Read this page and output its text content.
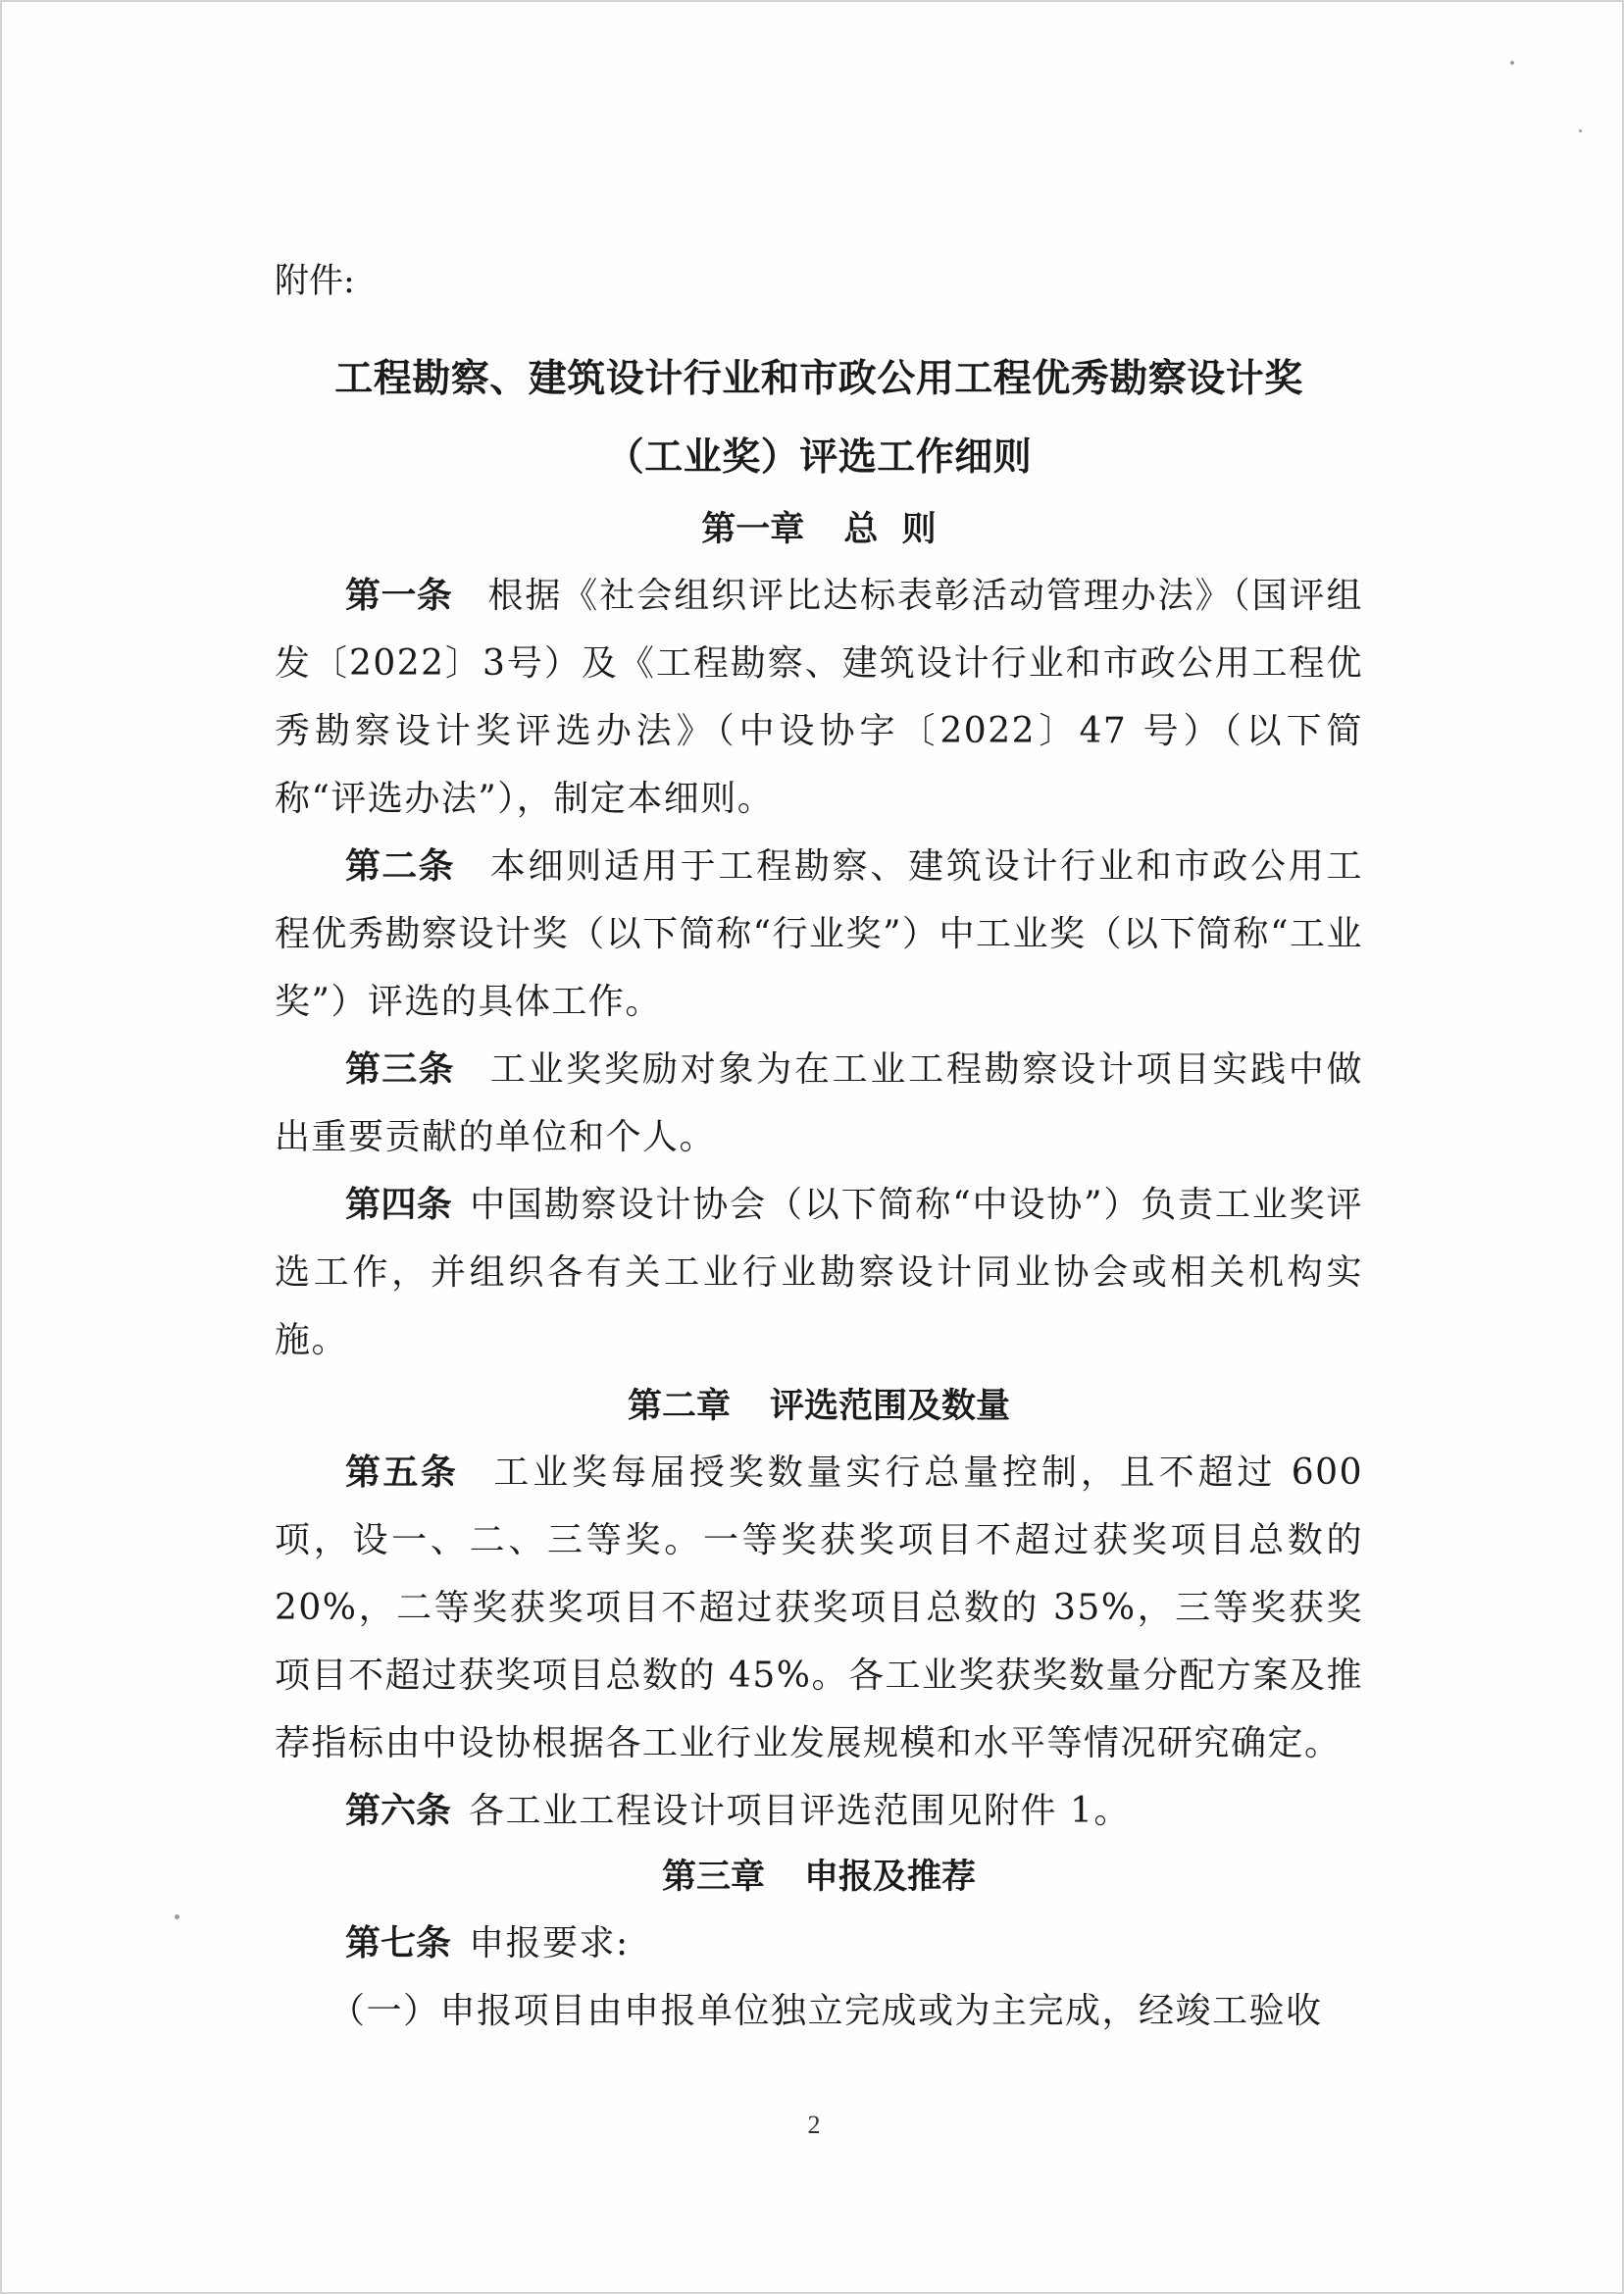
附件:

工程勘察、建筑设计行业和市政公用工程优秀勘察设计奖
（工业奖）评选工作细则
第一章 总  则

第一条 根据《社会组织评比达标表彰活动管理办法》（国评组发〔2022〕3号）及《工程勘察、建筑设计行业和市政公用工程优秀勘察设计奖评选办法》（中设协字〔2022〕47 号）（以下简称“评选办法”），制定本细则。

第二条 本细则适用于工程勘察、建筑设计行业和市政公用工程优秀勘察设计奖（以下简称“行业奖”）中工业奖（以下简称“工业奖”）评选的具体工作。

第三条 工业奖奖励对象为在工业工程勘察设计项目实践中做出重要贡献的单位和个人。

第四条 中国勘察设计协会（以下简称“中设协”）负责工业奖评选工作，并组织各有关工业行业勘察设计同业协会或相关机构实施。

第二章 评选范围及数量

第五条 工业奖每届授奖数量实行总量控制，且不超过 600 项，设一、二、三等奖。一等奖获奖项目不超过获奖项目总数的 20%，二等奖获奖项目不超过获奖项目总数的 35%，三等奖获奖项目不超过获奖项目总数的 45%。各工业奖获奖数量分配方案及推荐指标由中设协根据各工业行业发展规模和水平等情况研究确定。

第六条 各工业工程设计项目评选范围见附件 1。

第三章 申报及推荐

第七条 申报要求:

（一）申报项目由申报单位独立完成或为主完成，经竣工验收

2
